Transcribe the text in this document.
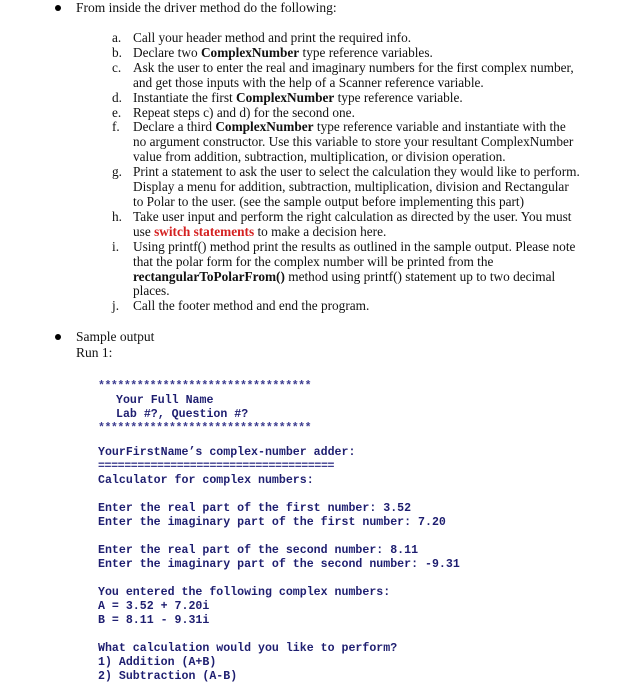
From inside the driver method do the following:
a. Call your header method and print the required info.
b. Declare two ComplexNumber type reference variables.
c. Ask the user to enter the real and imaginary numbers for the first complex number, and get those inputs with the help of a Scanner reference variable.
d. Instantiate the first ComplexNumber type reference variable.
e. Repeat steps c) and d) for the second one.
f. Declare a third ComplexNumber type reference variable and instantiate with the no argument constructor. Use this variable to store your resultant ComplexNumber value from addition, subtraction, multiplication, or division operation.
g. Print a statement to ask the user to select the calculation they would like to perform. Display a menu for addition, subtraction, multiplication, division and Rectangular to Polar to the user. (see the sample output before implementing this part)
h. Take user input and perform the right calculation as directed by the user. You must use switch statements to make a decision here.
i.	Using printf() method print the results as outlined in the sample output. Please note that the polar form for the complex number will be printed from the rectangularToPolarFrom() method using printf() statement up to two decimal places.
j.	Call the footer method and end the program.
Sample output
Run 1:
*********************************
Your Full Name
Lab #?, Question #?
*********************************
YourFirstName’s complex-number adder:
====================================
Calculator for complex numbers:
Enter the real part of the first number: 3.52
Enter the imaginary part of the first number: 7.20
Enter the real part of the second number: 8.11
Enter the imaginary part of the second number: -9.31
You entered the following complex numbers:
A = 3.52 + 7.20i
B = 8.11 - 9.31i
What calculation would you like to perform?
1) Addition (A+B)
2) Subtraction (A-B)
